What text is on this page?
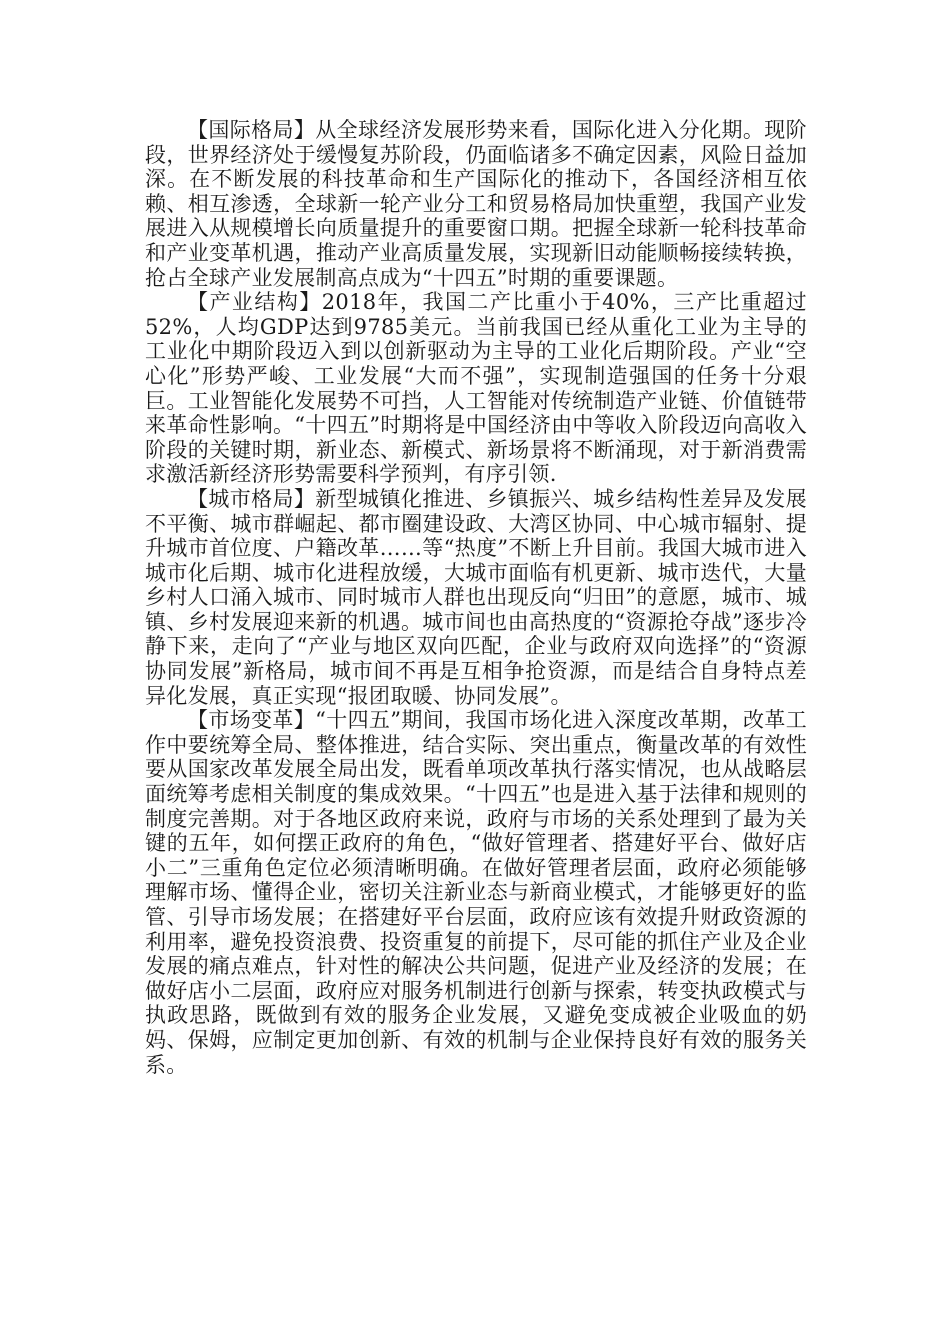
【国际格局】从全球经济发展形势来看，国际化进入分化期。现阶段，世界经济处于缓慢复苏阶段，仍面临诸多不确定因素，风险日益加深。在不断发展的科技革命和生产国际化的推动下，各国经济相互依赖、相互渗透，全球新一轮产业分工和贸易格局加快重塑，我国产业发展进入从规模增长向质量提升的重要窗口期。把握全球新一轮科技革命和产业变革机遇，推动产业高质量发展，实现新旧动能顺畅接续转换，抢占全球产业发展制高点成为“十四五”时期的重要课题。

【产业结构】2018年，我国二产比重小于40%，三产比重超过52%，人均GDP达到9785美元。当前我国已经从重化工业为主导的工业化中期阶段迈入到以创新驱动为主导的工业化后期阶段。产业“空心化”形势严峻、工业发展“大而不强”，实现制造强国的任务十分艰巨。工业智能化发展势不可挡，人工智能对传统制造产业链、价值链带来革命性影响。“十四五”时期将是中国经济由中等收入阶段迈向高收入阶段的关键时期，新业态、新模式、新场景将不断涌现，对于新消费需求激活新经济形势需要科学预判，有序引领.

【城市格局】新型城镇化推进、乡镇振兴、城乡结构性差异及发展不平衡、城市群崛起、都市圈建设政、大湾区协同、中心城市辐射、提升城市首位度、户籍改革……等“热度”不断上升目前。我国大城市进入城市化后期、城市化进程放缓，大城市面临有机更新、城市迭代，大量乡村人口涌入城市、同时城市人群也出现反向“归田”的意愿，城市、城镇、乡村发展迎来新的机遇。城市间也由高热度的“资源抢夺战”逐步冷静下来，走向了“产业与地区双向匹配，企业与政府双向选择”的“资源协同发展”新格局，城市间不再是互相争抢资源，而是结合自身特点差异化发展，真正实现“报团取暖、协同发展”。

【市场变革】“十四五”期间，我国市场化进入深度改革期，改革工作中要统筹全局、整体推进，结合实际、突出重点，衡量改革的有效性要从国家改革发展全局出发，既看单项改革执行落实情况，也从战略层面统筹考虑相关制度的集成效果。“十四五”也是进入基于法律和规则的制度完善期。对于各地区政府来说，政府与市场的关系处理到了最为关键的五年，如何摆正政府的角色，“做好管理者、搭建好平台、做好店小二”三重角色定位必须清晰明确。在做好管理者层面，政府必须能够理解市场、懂得企业，密切关注新业态与新商业模式，才能够更好的监管、引导市场发展；在搭建好平台层面，政府应该有效提升财政资源的利用率，避免投资浪费、投资重复的前提下，尽可能的抓住产业及企业发展的痛点难点，针对性的解决公共问题，促进产业及经济的发展；在做好店小二层面，政府应对服务机制进行创新与探索，转变执政模式与执政思路，既做到有效的服务企业发展，又避免变成被企业吸血的奶妈、保姆，应制定更加创新、有效的机制与企业保持良好有效的服务关系。
